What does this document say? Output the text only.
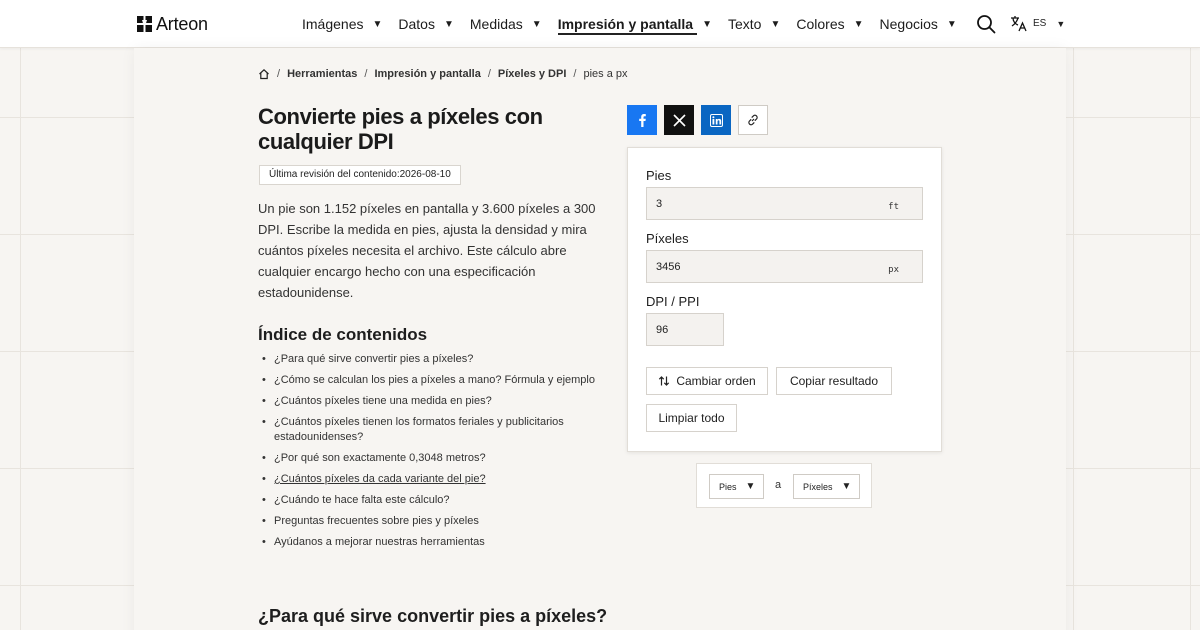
Arteon	Imágenes ▼ Datos ▼ Medidas ▼ Impresión y pantalla ▼ Texto ▼ Colores ▼ Negocios ▼	ES ▼
/ Herramientas / Impresión y pantalla / Píxeles y DPI / pies a px
Convierte pies a píxeles con cualquier DPI
Última revisión del contenido:2026-08-10

Un pie son 1.152 píxeles en pantalla y 3.600 píxeles a 300 DPI. Escribe la medida en pies, ajusta la densidad y mira cuántos píxeles necesita el archivo. Este cálculo abre cualquier encargo hecho con una especificación estadounidense.

Índice de contenidos
• ¿Para qué sirve convertir pies a píxeles?
• ¿Cómo se calculan los pies a píxeles a mano? Fórmula y ejemplo
• ¿Cuántos píxeles tiene una medida en pies?
• ¿Cuántos píxeles tienen los formatos feriales y publicitarios estadounidenses?
• ¿Por qué son exactamente 0,3048 metros?
• ¿Cuántos píxeles da cada variante del pie?
• ¿Cuándo te hace falta este cálculo?
• Preguntas frecuentes sobre pies y píxeles
• Ayúdanos a mejorar nuestras herramientas
¿Para qué sirve convertir pies a píxeles?
Pies
3	ft
Píxeles
3456	px
DPI / PPI
96
Cambiar orden	Copiar resultado
Limpiar todo
Pies ▼ a Píxeles ▼
